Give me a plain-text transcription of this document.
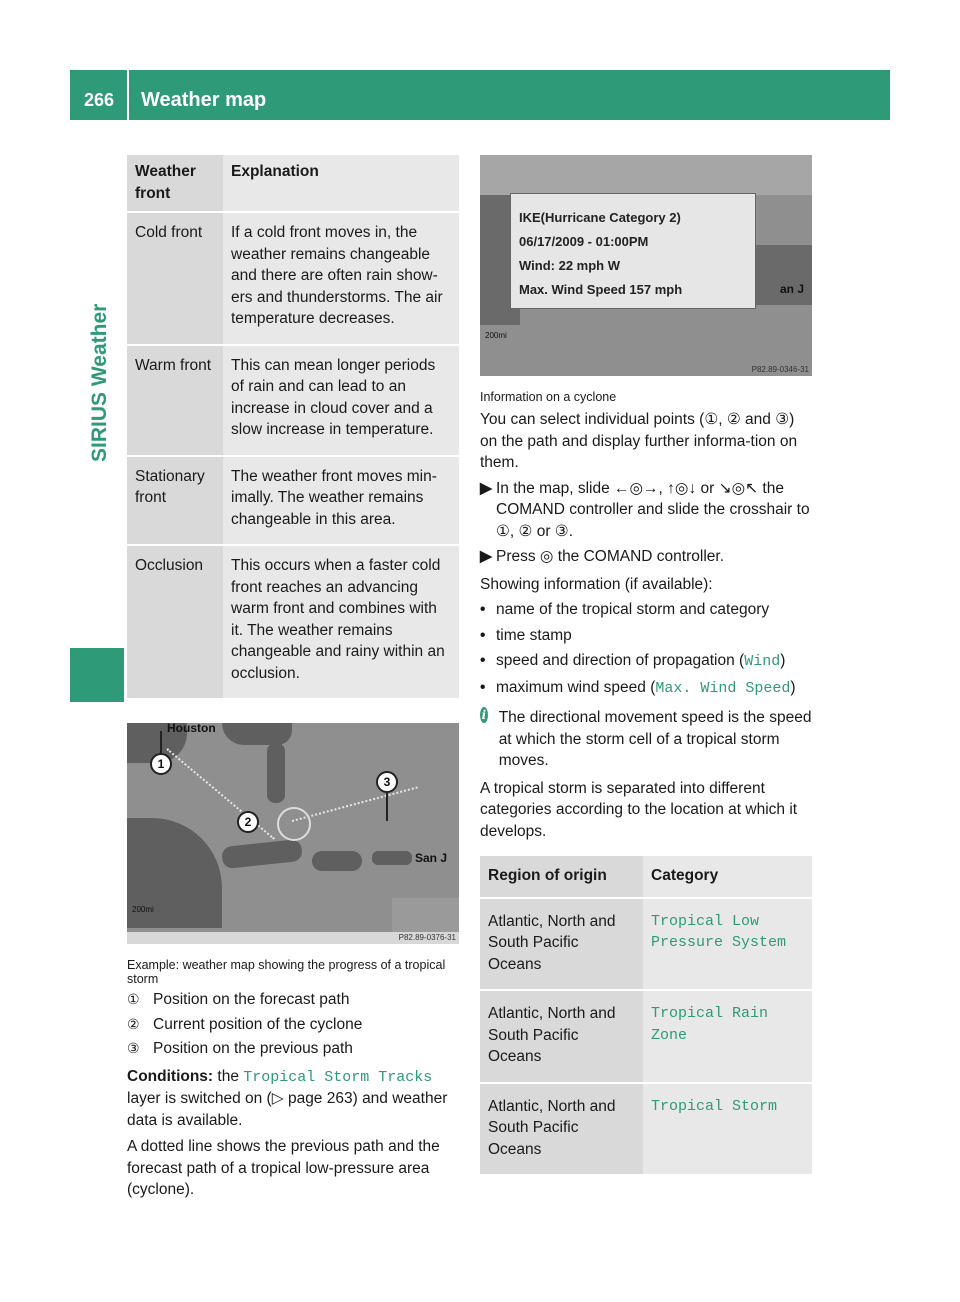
266 Weather map
SIRIUS Weather
Weather front	Explanation
Cold front	If a cold front moves in, the weather remains changeable and there are often rain show-ers and thunderstorms. The air temperature decreases.
Warm front	This can mean longer periods of rain and can lead to an increase in cloud cover and a slow increase in temperature.
Stationary front	The weather front moves min-imally. The weather remains changeable in this area.
Occlusion	This occurs when a faster cold front reaches an advancing warm front and combines with it. The weather remains changeable and rainy within an occlusion.
1
2
3
Houston
San J
200mi
P82.89-0376-31
Example: weather map showing the progress of a tropical storm
① Position on the forecast path
② Current position of the cyclone
③ Position on the previous path
Conditions: the Tropical Storm Tracks layer is switched on (▷ page 263) and weather data is available.
A dotted line shows the previous path and the forecast path of a tropical low-pressure area (cyclone).
IKE(Hurricane Category 2)
06/17/2009 - 01:00PM
Wind: 22 mph W
Max. Wind Speed 157 mph	an J
200mi
P82.89-0346-31
Information on a cyclone
You can select individual points (①, ② and ③) on the path and display further informa-tion on them.
▶ In the map, slide ←◎→, ↑◎↓ or ↘◎↖ the COMAND controller and slide the crosshair to ①, ② or ③.
▶ Press ◎ the COMAND controller.
Showing information (if available):
• name of the tropical storm and category
• time stamp
• speed and direction of propagation (Wind)
• maximum wind speed (Max. Wind Speed)
i The directional movement speed is the speed at which the storm cell of a tropical storm moves.
A tropical storm is separated into different categories according to the location at which it develops.
Region of origin	Category
Atlantic, North and South Pacific Oceans	Tropical Low Pressure System
Atlantic, North and South Pacific Oceans	Tropical Rain Zone
Atlantic, North and South Pacific Oceans	Tropical Storm
